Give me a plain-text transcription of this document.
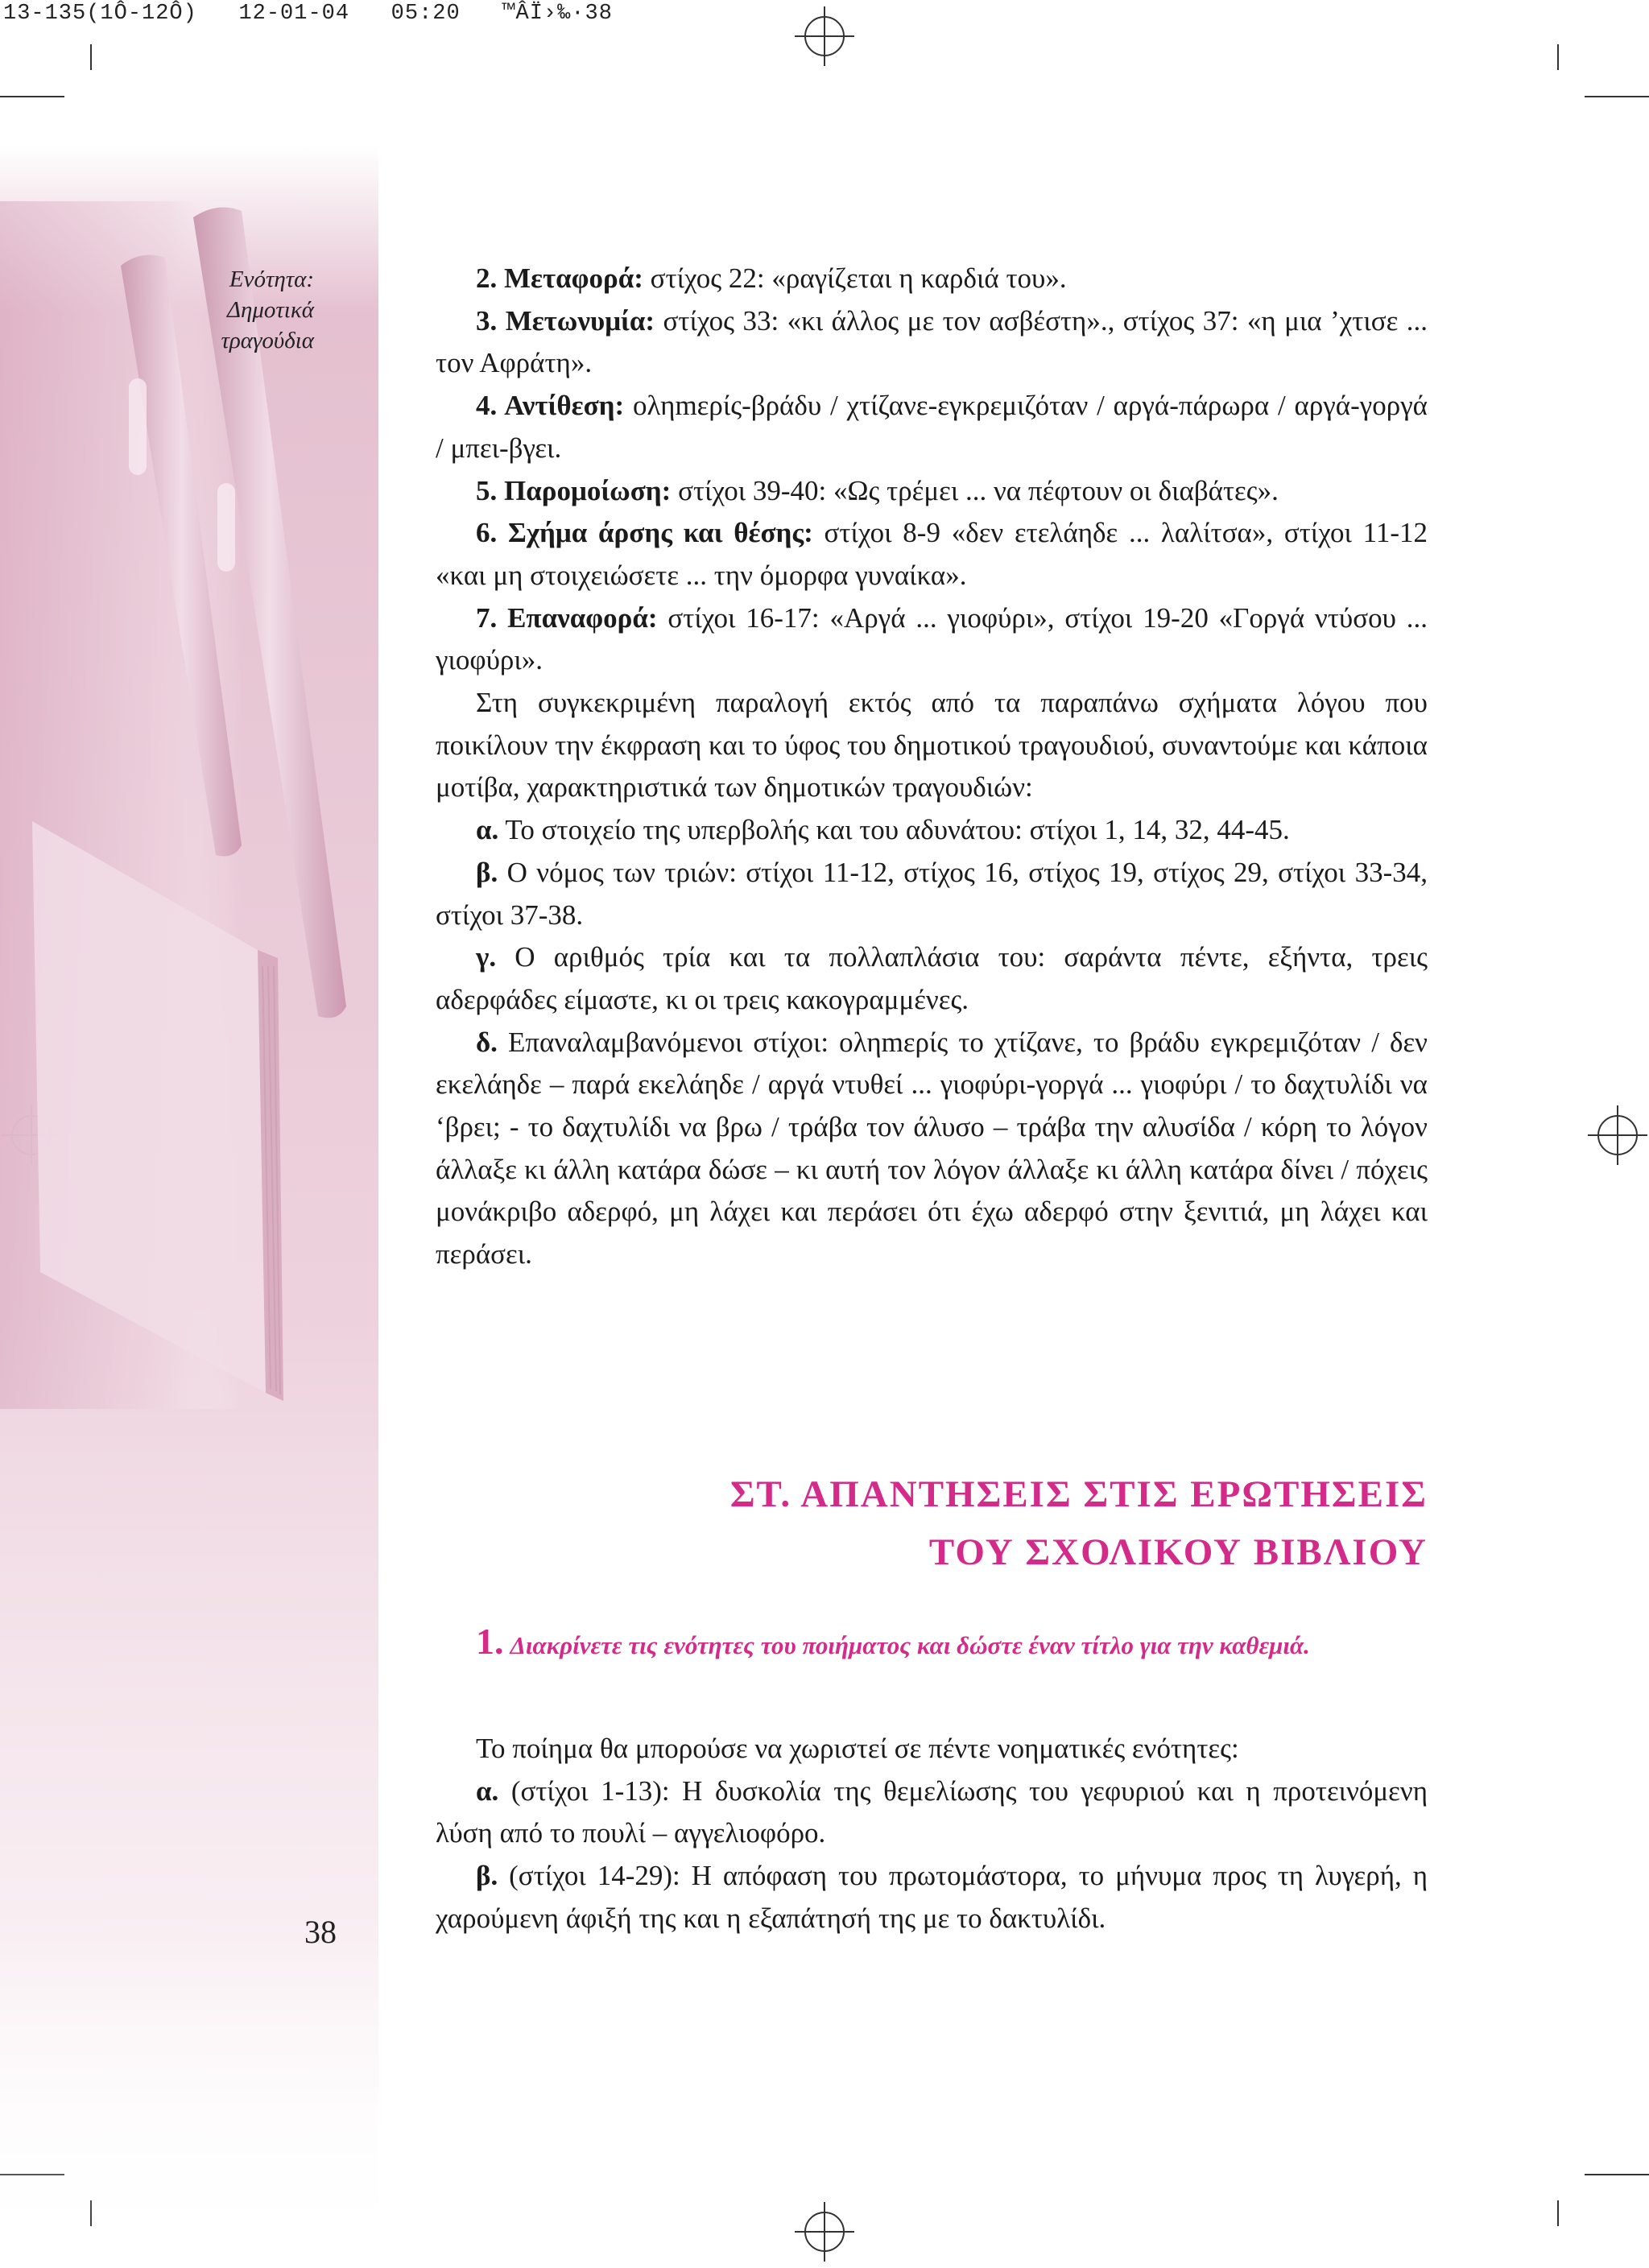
13-135(1Ô-12Ô)   12-01-04   05:20   ™ÂÏ›‰·38
Ενότητα:
Δημοτικά
τραγούδια
38

2. Μεταφορά: στίχος 22: «ραγίζεται η καρδιά του».

3. Μετωνυμία: στίχος 33: «κι άλλος με τον ασβέστη»., στίχος 37: «η μια ’χτισε ... τον Αφράτη».

4. Αντίθεση: οληmερίς-βράδυ / χτίζανε-εγκρεμιζόταν / αργά-πάρωρα / αργά-γοργά / μπει-βγει.

5. Παρομοίωση: στίχοι 39-40: «Ως τρέμει ... να πέφτουν οι διαβάτες».

6. Σχήμα άρσης και θέσης: στίχοι 8-9 «δεν ετελάηδε ... λαλίτσα», στίχοι 11-12 «και μη στοιχειώσετε ... την όμορφα γυναίκα».

7. Επαναφορά: στίχοι 16-17: «Αργά ... γιοφύρι», στίχοι 19-20 «Γοργά ντύσου ... γιοφύρι».

Στη συγκεκριμένη παραλογή εκτός από τα παραπάνω σχήματα λόγου που ποικίλουν την έκφραση και το ύφος του δημοτικού τραγουδιού, συναντούμε και κάποια μοτίβα, χαρακτηριστικά των δημοτικών τραγουδιών:

α. Το στοιχείο της υπερβολής και του αδυνάτου: στίχοι 1, 14, 32, 44-45.

β. Ο νόμος των τριών: στίχοι 11-12, στίχος 16, στίχος 19, στίχος 29, στίχοι 33-34, στίχοι 37-38.

γ. Ο αριθμός τρία και τα πολλαπλάσια του: σαράντα πέντε, εξήντα, τρεις αδερφάδες είμαστε, κι οι τρεις κακογραμμένες.

δ. Επαναλαμβανόμενοι στίχοι: οληmερίς το χτίζανε, το βράδυ εγκρεμιζόταν / δεν εκελάηδε – παρά εκελάηδε / αργά ντυθεί ... γιοφύρι-γοργά ... γιοφύρι / το δαχτυλίδι να ‘βρει; - το δαχτυλίδι να βρω / τράβα τον άλυσο – τράβα την αλυσίδα / κόρη το λόγον άλλαξε κι άλλη κατάρα δώσε – κι αυτή τον λόγον άλλαξε κι άλλη κατάρα δίνει / πόχεις μονάκριβο αδερφό, μη λάχει και περάσει ότι έχω αδερφό στην ξενιτιά, μη λάχει και περάσει.

ΣΤ. ΑΠΑΝΤΗΣΕΙΣ ΣΤΙΣ ΕΡΩΤΗΣΕΙΣ
ΤΟΥ ΣΧΟΛΙΚΟΥ ΒΙΒΛΙΟΥ
1. Διακρίνετε τις ενότητες του ποιήματος και δώστε έναν τίτλο για την καθεμιά.

Το ποίημα θα μπορούσε να χωριστεί σε πέντε νοηματικές ενότητες:

α. (στίχοι 1-13): Η δυσκολία της θεμελίωσης του γεφυριού και η προτεινόμενη λύση από το πουλί – αγγελιοφόρο.

β. (στίχοι 14-29): Η απόφαση του πρωτομάστορα, το μήνυμα προς τη λυγερή, η χαρούμενη άφιξή της και η εξαπάτησή της με το δακτυλίδι.
